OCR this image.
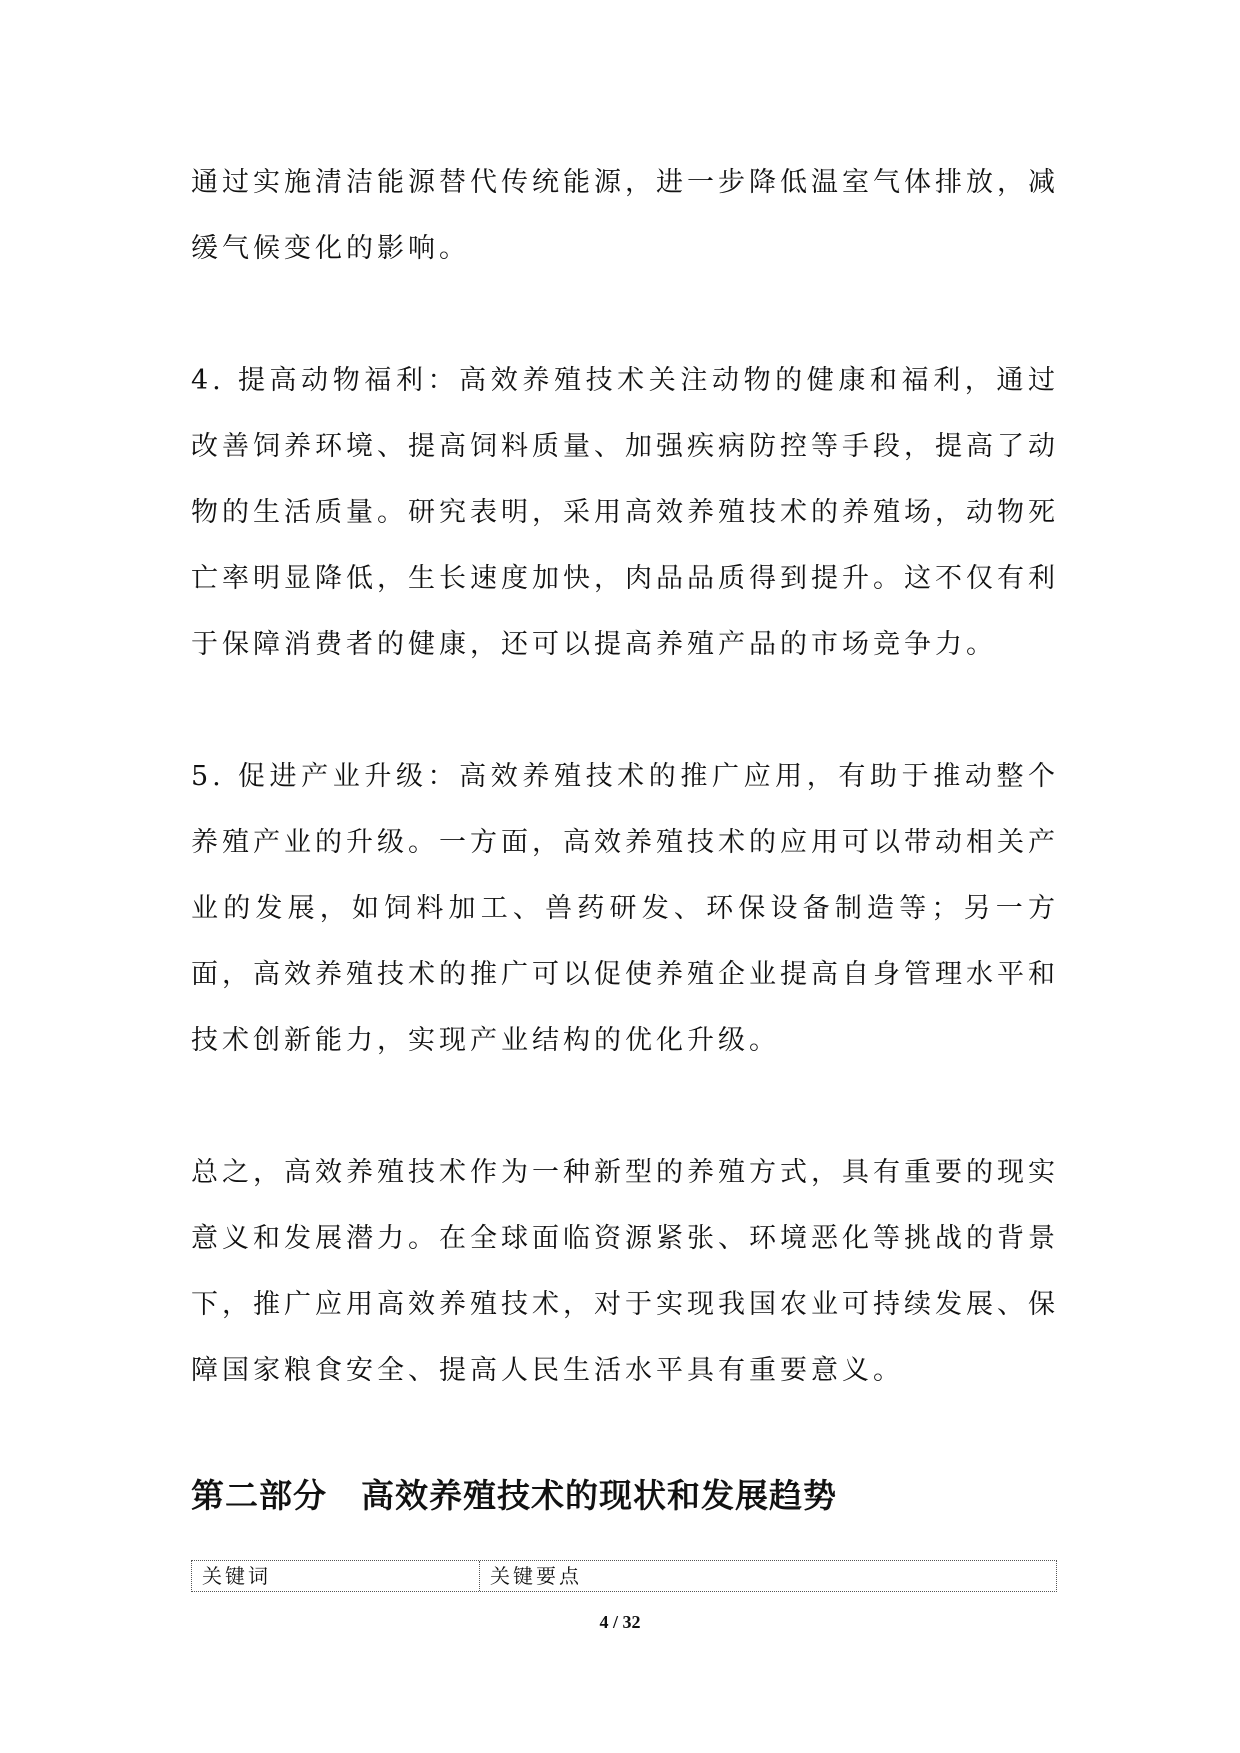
通过实施清洁能源替代传统能源，进一步降低温室气体排放，减缓气候变化的影响。

4. 提高动物福利：高效养殖技术关注动物的健康和福利，通过改善饲养环境、提高饲料质量、加强疾病防控等手段，提高了动物的生活质量。研究表明，采用高效养殖技术的养殖场，动物死亡率明显降低，生长速度加快，肉品品质得到提升。这不仅有利于保障消费者的健康，还可以提高养殖产品的市场竞争力。

5. 促进产业升级：高效养殖技术的推广应用，有助于推动整个养殖产业的升级。一方面，高效养殖技术的应用可以带动相关产业的发展，如饲料加工、兽药研发、环保设备制造等；另一方面，高效养殖技术的推广可以促使养殖企业提高自身管理水平和技术创新能力，实现产业结构的优化升级。

总之，高效养殖技术作为一种新型的养殖方式，具有重要的现实意义和发展潜力。在全球面临资源紧张、环境恶化等挑战的背景下，推广应用高效养殖技术，对于实现我国农业可持续发展、保障国家粮食安全、提高人民生活水平具有重要意义。

第二部分　高效养殖技术的现状和发展趋势
关键词	关键要点
4 / 32
